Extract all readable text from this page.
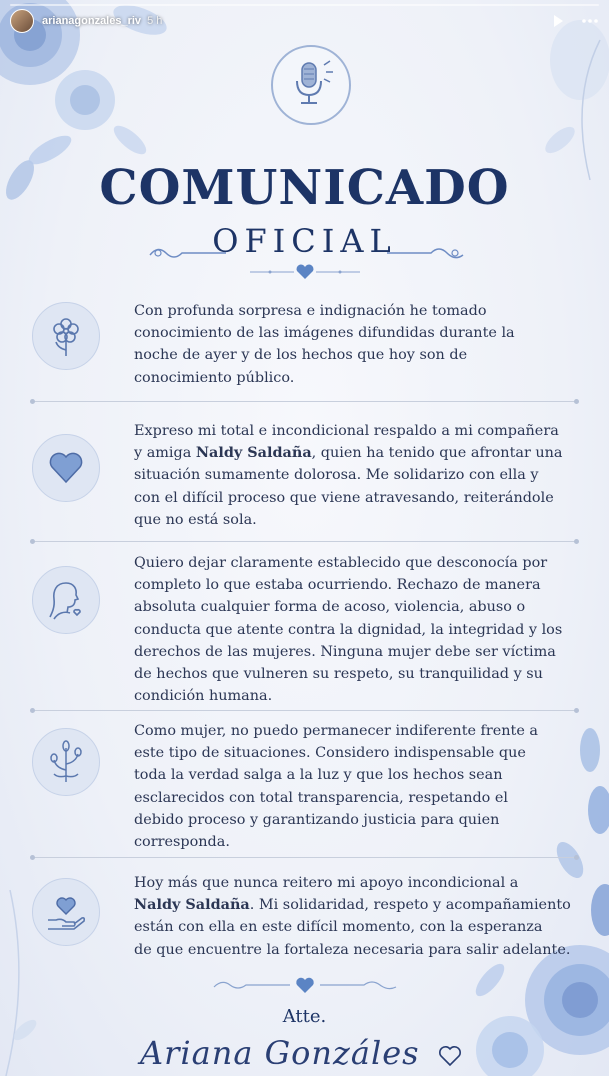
arianagonzales_riv 5 h
COMUNICADO
OFICIAL
Con profunda sorpresa e indignación he tomado
conocimiento de las imágenes difundidas durante la
noche de ayer y de los hechos que hoy son de
conocimiento público.
Expreso mi total e incondicional respaldo a mi compañera
y amiga Naldy Saldaña, quien ha tenido que afrontar una
situación sumamente dolorosa. Me solidarizo con ella y
con el difícil proceso que viene atravesando, reiterándole
que no está sola.
Quiero dejar claramente establecido que desconocía por
completo lo que estaba ocurriendo. Rechazo de manera
absoluta cualquier forma de acoso, violencia, abuso o
conducta que atente contra la dignidad, la integridad y los
derechos de las mujeres. Ninguna mujer debe ser víctima
de hechos que vulneren su respeto, su tranquilidad y su
condición humana.
Como mujer, no puedo permanecer indiferente frente a
este tipo de situaciones. Considero indispensable que
toda la verdad salga a la luz y que los hechos sean
esclarecidos con total transparencia, respetando el
debido proceso y garantizando justicia para quien
corresponda.
Hoy más que nunca reitero mi apoyo incondicional a
Naldy Saldaña. Mi solidaridad, respeto y acompañamiento
están con ella en este difícil momento, con la esperanza
de que encuentre la fortaleza necesaria para salir adelante.
Atte.
Ariana Gonzáles
